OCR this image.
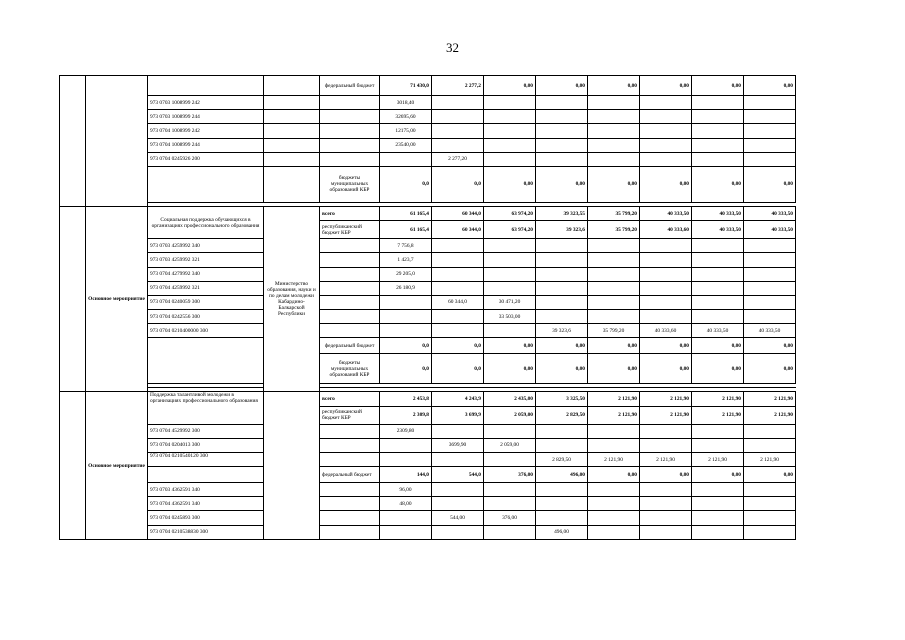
32
				федеральный бюджет	71 430,0	2 277,2	0,00	0,00	0,00	0,00	0,00	0,00
		973 0703 1008999 242			3018,40							
		973 0703 1008999 244			32695,60							
		973 0704 1008999 242			12175,00							
		973 0704 1008999 244			23540,00							
		973 0704 0245926 200				2 277,20						
				бюджеты муниципальных образований КБР	0,0	0,0	0,00	0,00	0,00	0,00	0,00	0,00

	Основное мероприятие	Социальная поддержка обучающихся в организациях профессионального образования	Министерство образования, науки и по делам молодежи Кабардино-Балкарской Республики	всего	61 165,4	60 344,0	63 974,20	39 323,55	35 799,20	40 333,50	40 333,50	40 333,50
				республиканский бюджет КБР	61 165,4	60 344,0	63 974,20	39 323,6	35 799,20	40 333,60	40 333,50	40 333,50
		973 0703 4259992 340			7 756,8							
		973 0703 4259992 321			1 423,7							
		973 0704 4279992 340			29 205,0							
		973 0704 4259992 321			26 180,9							
		973 0704 0240059 300				60 344,0	30 471,20					
		973 0704 0242556 300					33 503,00					
		973 0704 0210400000 300						39 323,6	35 799,20	40 333,60	40 333,50	40 333,50
				федеральный бюджет	0,0	0,0	0,00	0,00	0,00	0,00	0,00	0,00
				бюджеты муниципальных образований КБР	0,0	0,0	0,00	0,00	0,00	0,00	0,00	0,00

	Основное мероприятие	Поддержка талантливой молодежи в организациях профессионального образования		всего	2 453,8	4 243,9	2 435,00	3 325,50	2 121,90	2 121,90	2 121,90	2 121,90
				республиканский бюджет КБР	2 309,8	3 699,9	2 059,00	2 829,50	2 121,90	2 121,90	2 121,90	2 121,90
		973 0704 4529992 300			2309,80							
		973 0704 0204013 300				3699,90	2 059,00					
		973 0704 0210540120 300						2 829,50	2 121,90	2 121,90	2 121,90	2 121,90
				федеральный бюджет	144,0	544,0	376,00	496,00	0,00	0,00	0,00	0,00
		973 0703 4362591 340			96,00							
		973 0704 4362591 340			48,00							
		973 0704 0245893 300				544,00	376,00					
		973 0704 0210538830 300						496,00				
